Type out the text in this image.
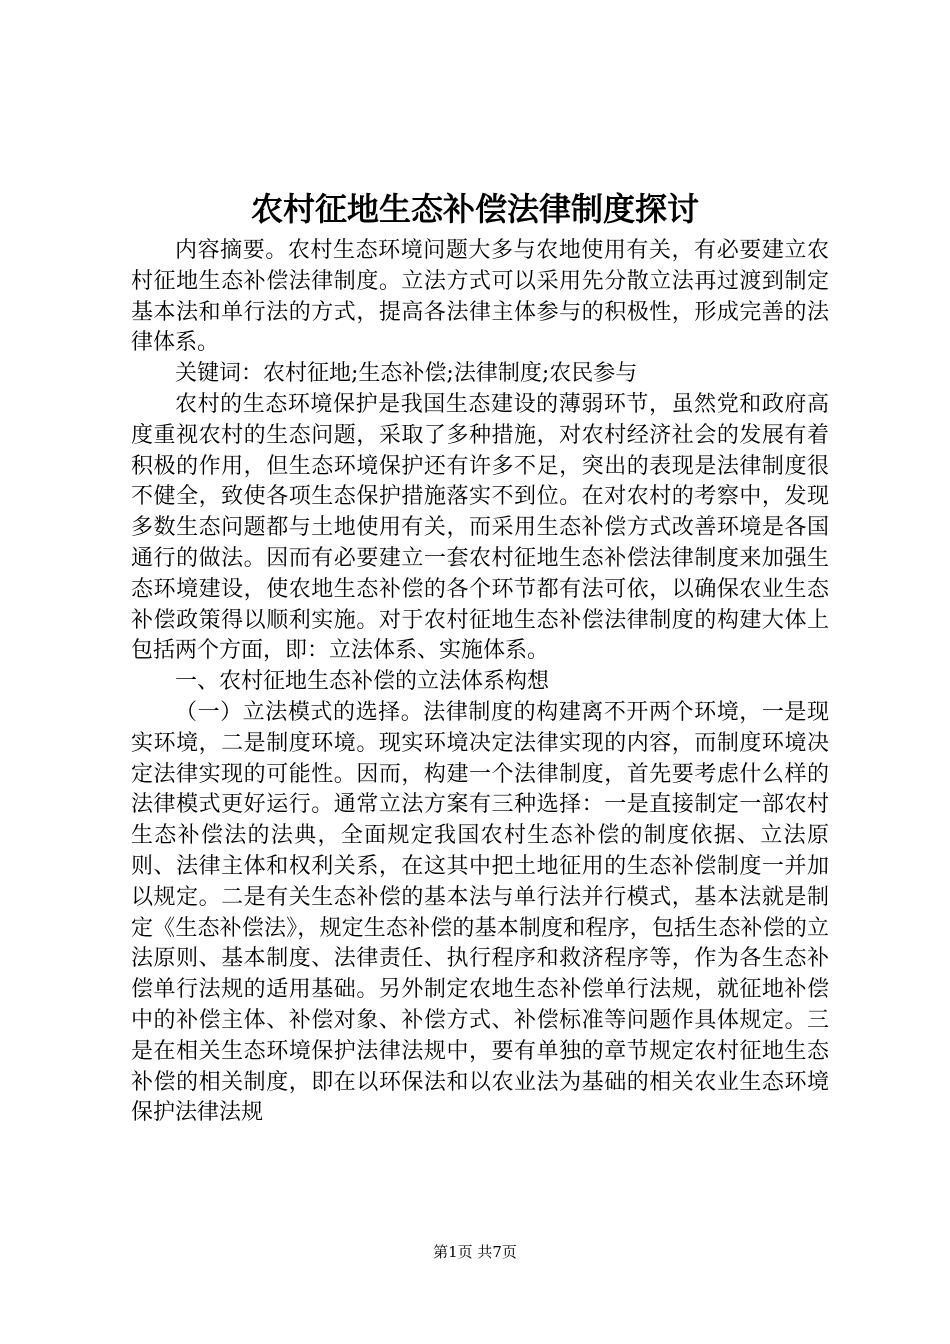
农村征地生态补偿法律制度探讨

内容摘要。农村生态环境问题大多与农地使用有关，有必要建立农村征地生态补偿法律制度。立法方式可以采用先分散立法再过渡到制定基本法和单行法的方式，提高各法律主体参与的积极性，形成完善的法律体系。

关键词：农村征地;生态补偿;法律制度;农民参与

农村的生态环境保护是我国生态建设的薄弱环节，虽然党和政府高度重视农村的生态问题，采取了多种措施，对农村经济社会的发展有着积极的作用，但生态环境保护还有许多不足，突出的表现是法律制度很不健全，致使各项生态保护措施落实不到位。在对农村的考察中，发现多数生态问题都与土地使用有关，而采用生态补偿方式改善环境是各国通行的做法。因而有必要建立一套农村征地生态补偿法律制度来加强生态环境建设，使农地生态补偿的各个环节都有法可依，以确保农业生态补偿政策得以顺利实施。对于农村征地生态补偿法律制度的构建大体上包括两个方面，即：立法体系、实施体系。

一、农村征地生态补偿的立法体系构想

（一）立法模式的选择。法律制度的构建离不开两个环境，一是现实环境，二是制度环境。现实环境决定法律实现的内容，而制度环境决定法律实现的可能性。因而，构建一个法律制度，首先要考虑什么样的法律模式更好运行。通常立法方案有三种选择：一是直接制定一部农村生态补偿法的法典，全面规定我国农村生态补偿的制度依据、立法原则、法律主体和权利关系，在这其中把土地征用的生态补偿制度一并加以规定。二是有关生态补偿的基本法与单行法并行模式，基本法就是制定《生态补偿法》，规定生态补偿的基本制度和程序，包括生态补偿的立法原则、基本制度、法律责任、执行程序和救济程序等，作为各生态补偿单行法规的适用基础。另外制定农地生态补偿单行法规，就征地补偿中的补偿主体、补偿对象、补偿方式、补偿标准等问题作具体规定。三是在相关生态环境保护法律法规中，要有单独的章节规定农村征地生态补偿的相关制度，即在以环保法和以农业法为基础的相关农业生态环境保护法律法规

第1页 共7页
